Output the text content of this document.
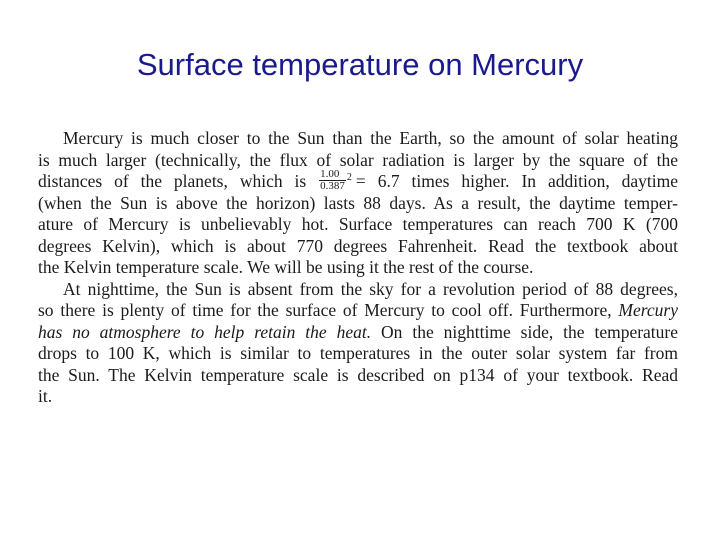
Surface temperature on Mercury
Mercury is much closer to the Sun than the Earth, so the amount of solar heating
is much larger (technically, the flux of solar radiation is larger by the square of the
distances of the planets, which is $\frac{1.00}{0.387} ^2 = 6.7$ times higher. In addition, daytime
(when the Sun is above the horizon) lasts 88 days. As a result, the daytime temper-
ature of Mercury is unbelievably hot. Surface temperatures can reach 700 K (700
degrees Kelvin), which is about 770 degrees Fahrenheit. Read the textbook about
the Kelvin temperature scale. We will be using it the rest of the course.
At nighttime, the Sun is absent from the sky for a revolution period of 88 degrees,
so there is plenty of time for the surface of Mercury to cool off. Furthermore, Mercury
has no atmosphere to help retain the heat. On the nighttime side, the temperature
drops to 100 K, which is similar to temperatures in the outer solar system far from
the Sun. The Kelvin temperature scale is described on p134 of your textbook. Read
it.
